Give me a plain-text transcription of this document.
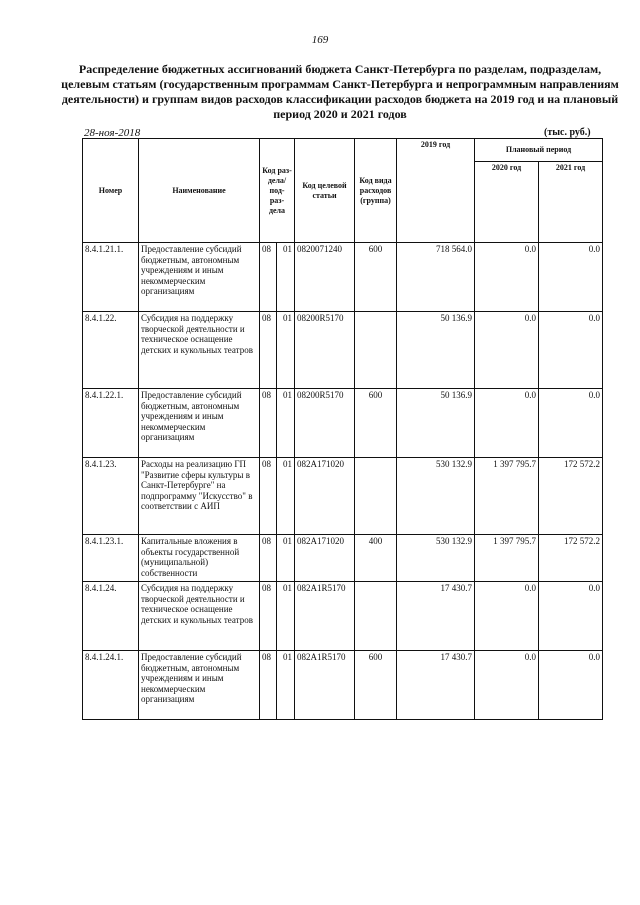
169
Распределение бюджетных ассигнований бюджета Санкт-Петербурга по разделам, подразделам, целевым статьям (государственным программам Санкт-Петербурга и непрограммным направлениям деятельности) и группам видов расходов классификации расходов бюджета на 2019 год и на плановый период 2020 и 2021 годов
28-ноя-2018	(тыс. руб.)
Номер	Наименование	Код раз- дела/ под- раз- дела		Код целевой статьи	Код вида расходов (группа)	2019 год	Плановый период	
							2020 год	2021 год
8.4.1.21.1.	Предоставление субсидий бюджетным, автономным учреждениям и иным некоммерческим организациям	08	01	0820071240	600	718 564.0	0.0	0.0
8.4.1.22.	Субсидия на поддержку творческой деятельности и техническое оснащение детских и кукольных театров	08	01	08200R5170		50 136.9	0.0	0.0
8.4.1.22.1.	Предоставление субсидий бюджетным, автономным учреждениям и иным некоммерческим организациям	08	01	08200R5170	600	50 136.9	0.0	0.0
8.4.1.23.	Расходы на реализацию ГП "Развитие сферы культуры в Санкт-Петербурге" на подпрограмму "Искусство" в соответствии с АИП	08	01	082A171020		530 132.9	1 397 795.7	172 572.2
8.4.1.23.1.	Капитальные вложения в объекты государственной (муниципальной) собственности	08	01	082A171020	400	530 132.9	1 397 795.7	172 572.2
8.4.1.24.	Субсидия на поддержку творческой деятельности и техническое оснащение детских и кукольных театров	08	01	082A1R5170		17 430.7	0.0	0.0
8.4.1.24.1.	Предоставление субсидий бюджетным, автономным учреждениям и иным некоммерческим организациям	08	01	082A1R5170	600	17 430.7	0.0	0.0
